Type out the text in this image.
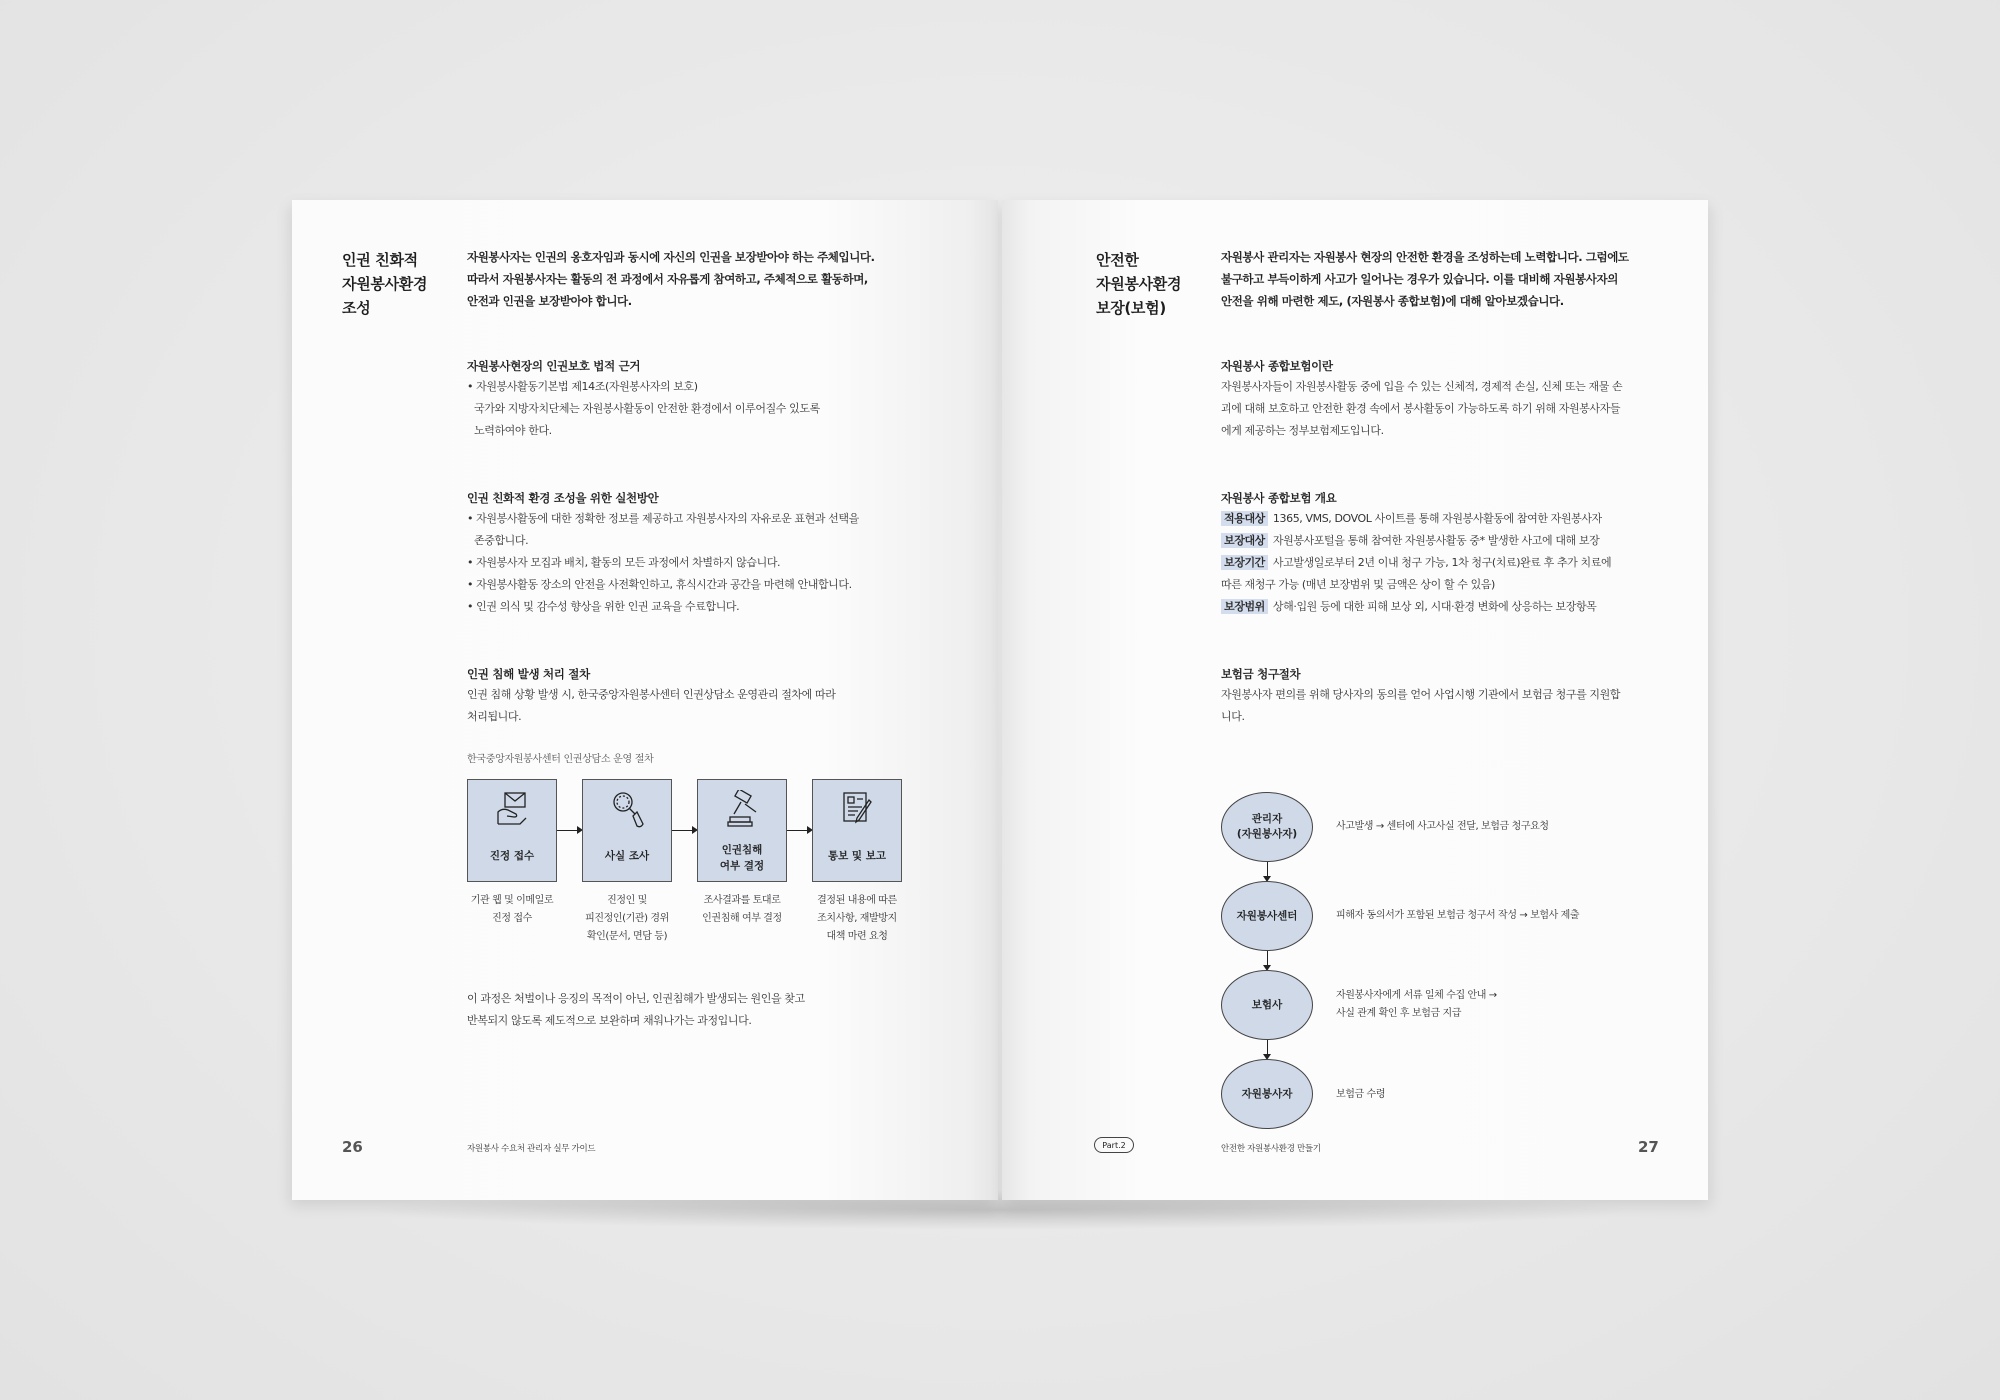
인권 친화적
자원봉사환경
조성

자원봉사자는 인권의 옹호자임과 동시에 자신의 인권을 보장받아야 하는 주체입니다.
따라서 자원봉사자는 활동의 전 과정에서 자유롭게 참여하고, 주체적으로 활동하며,
안전과 인권을 보장받아야 합니다.

자원봉사현장의 인권보호 법적 근거

• 자원봉사활동기본법 제14조(자원봉사자의 보호)
국가와 지방자치단체는 자원봉사활동이 안전한 환경에서 이루어질수 있도록
노력하여야 한다.

인권 친화적 환경 조성을 위한 실천방안

• 자원봉사활동에 대한 정확한 정보를 제공하고 자원봉사자의 자유로운 표현과 선택을
존중합니다.
• 자원봉사자 모집과 배치, 활동의 모든 과정에서 차별하지 않습니다.
• 자원봉사활동 장소의 안전을 사전확인하고, 휴식시간과 공간을 마련해 안내합니다.
• 인권 의식 및 감수성 향상을 위한 인권 교육을 수료합니다.

인권 침해 발생 처리 절차

인권 침해 상황 발생 시, 한국중앙자원봉사센터 인권상담소 운영관리 절차에 따라
처리됩니다.

한국중앙자원봉사센터 인권상담소 운영 절차
진정 접수	사실 조사	인권침해
여부 결정
통보 및 보고
기관 웹 및 이메일로
진정 접수
진정인 및
피진정인(기관) 경위
확인(문서, 면담 등)
조사결과를 토대로
인권침해 여부 결정
결정된 내용에 따른
조치사항, 재발방지
대책 마련 요청

이 과정은 처벌이나 응징의 목적이 아닌, 인권침해가 발생되는 원인을 찾고
반복되지 않도록 제도적으로 보완하며 채워나가는 과정입니다.

26	자원봉사 수요처 관리자 실무 가이드
안전한
자원봉사환경
보장(보험)

자원봉사 관리자는 자원봉사 현장의 안전한 환경을 조성하는데 노력합니다. 그럼에도
불구하고 부득이하게 사고가 일어나는 경우가 있습니다. 이를 대비해 자원봉사자의
안전을 위해 마련한 제도, (자원봉사 종합보험)에 대해 알아보겠습니다.

자원봉사 종합보험이란

자원봉사자들이 자원봉사활동 중에 입을 수 있는 신체적, 경제적 손실, 신체 또는 재물 손
괴에 대해 보호하고 안전한 환경 속에서 봉사활동이 가능하도록 하기 위해 자원봉사자들
에게 제공하는 정부보험제도입니다.

자원봉사 종합보험 개요

적용대상 1365, VMS, DOVOL 사이트를 통해 자원봉사활동에 참여한 자원봉사자
보장대상 자원봉사포털을 통해 참여한 자원봉사활동 중* 발생한 사고에 대해 보장
보장기간 사고발생일로부터 2년 이내 청구 가능, 1차 청구(치료)완료 후 추가 치료에
따른 재청구 가능 (매년 보장범위 및 금액은 상이 할 수 있음)
보장범위 상해·입원 등에 대한 피해 보상 외, 시대·환경 변화에 상응하는 보장항목

보험금 청구절차

자원봉사자 편의를 위해 당사자의 동의를 얻어 사업시행 기관에서 보험금 청구를 지원합
니다.

관리자
(자원봉사자)
자원봉사센터
보험사
자원봉사자
사고발생 → 센터에 사고사실 전달, 보험금 청구요청
피해자 동의서가 포함된 보험금 청구서 작성 → 보험사 제출
자원봉사자에게 서류 일체 수집 안내 →
사실 관계 확인 후 보험금 지급
보험금 수령
Part.2	안전한 자원봉사환경 만들기	27
